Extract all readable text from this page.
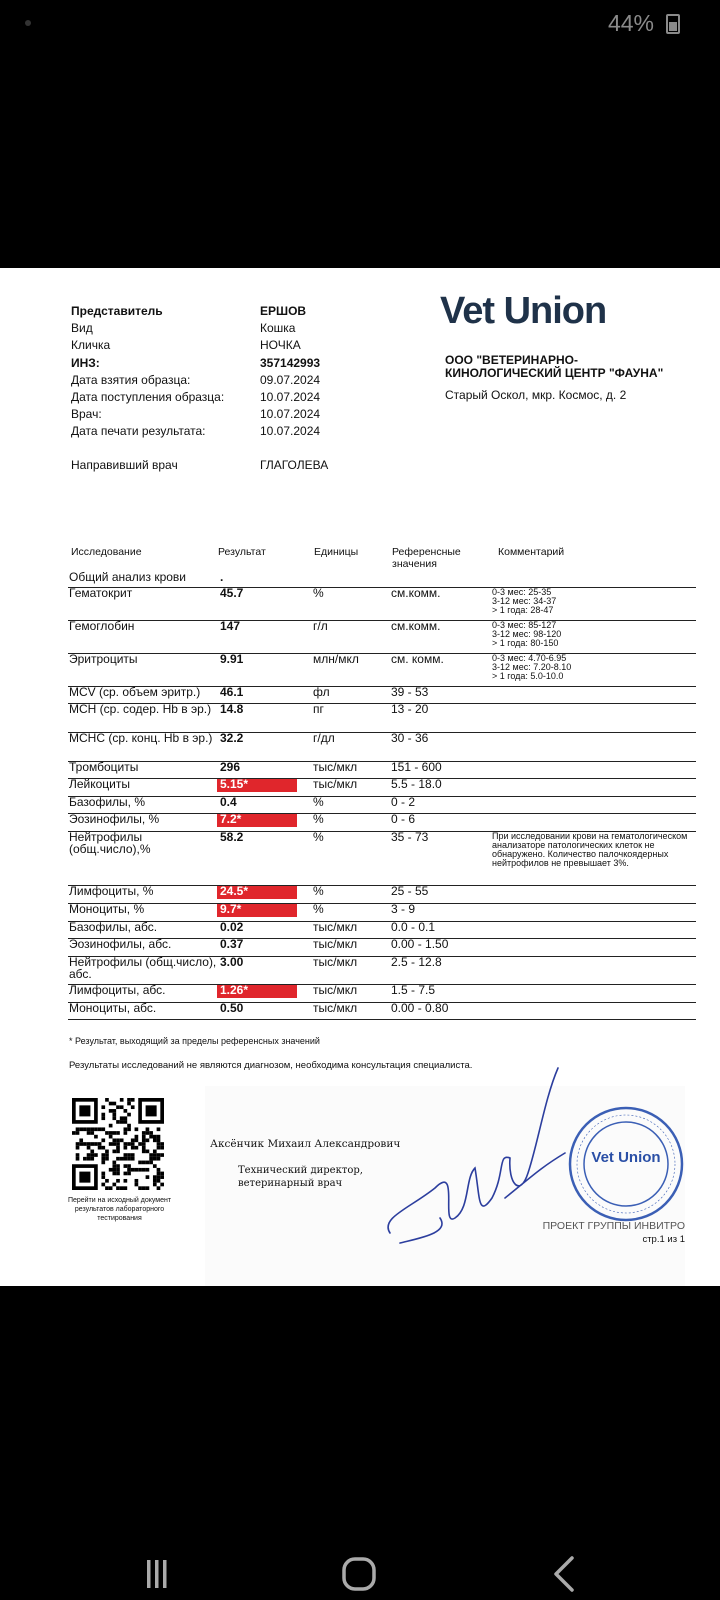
44%
Представитель	ЕРШОВ
Вид	Кошка
Кличка	НОЧКА
ИНЗ:	357142993
Дата взятия образца:	09.07.2024
Дата поступления образца:	10.07.2024
Врач:	10.07.2024
Дата печати результата:	10.07.2024
Направивший врач	ГЛАГОЛЕВА
Vet Union
ООО "ВЕТЕРИНАРНО-КИНОЛОГИЧЕСКИЙ ЦЕНТР "ФАУНА"
Старый Оскол, мкр. Космос, д. 2
Исследование	Результат	Единицы	Референсные значения
Комментарий
Общий анализ крови	.
Гематокрит	45.7	%	см.комм.	0-3 мес: 25-35
3-12 мес: 34-37
> 1 года: 28-47
Гемоглобин	147	г/л	см.комм.	0-3 мес: 85-127
3-12 мес: 98-120
> 1 года: 80-150
Эритроциты	9.91	млн/мкл	см. комм.	0-3 мес: 4.70-6.95
3-12 мес: 7.20-8.10
> 1 года: 5.0-10.0
MCV (ср. объем эритр.)	46.1	фл	39 - 53
MCH (ср. содер. Hb в эр.) 14.8	пг	13 - 20
MCHC (ср. конц. Hb в эр.) 32.2	г/дл	30 - 36
Тромбоциты	296	тыс/мкл	151 - 600
Лейкоциты	5.15*	тыс/мкл	5.5 - 18.0
Базофилы, %	0.4	%	0 - 2
Эозинофилы, %	7.2*	%	0 - 6
Нейтрофилы (общ.число),%
58.2	%	35 - 73	При исследовании крови на гематологическом анализаторе патологических клеток не обнаружено. Количество палочкоядерных нейтрофилов не превышает 3%.
Лимфоциты, %	24.5*	%	25 - 55
Моноциты, %	9.7*	%	3 - 9
Базофилы, абс.	0.02	тыс/мкл	0.0 - 0.1
Эозинофилы, абс.	0.37	тыс/мкл	0.00 - 1.50
Нейтрофилы (общ.число), абс.
3.00	тыс/мкл	2.5 - 12.8
Лимфоциты, абс.	1.26*	тыс/мкл	1.5 - 7.5
Моноциты, абс.	0.50	тыс/мкл	0.00 - 0.80
* Результат, выходящий за пределы референсных значений
Результаты исследований не являются диагнозом, необходима консультация специалиста.
Перейти на исходный документ результатов лабораторного тестирования
Аксёнчик Михаил Александрович
Технический директор,
ветеринарный врач
Vet Union
ПРОЕКТ ГРУППЫ ИНВИТРО
стр.1 из 1
